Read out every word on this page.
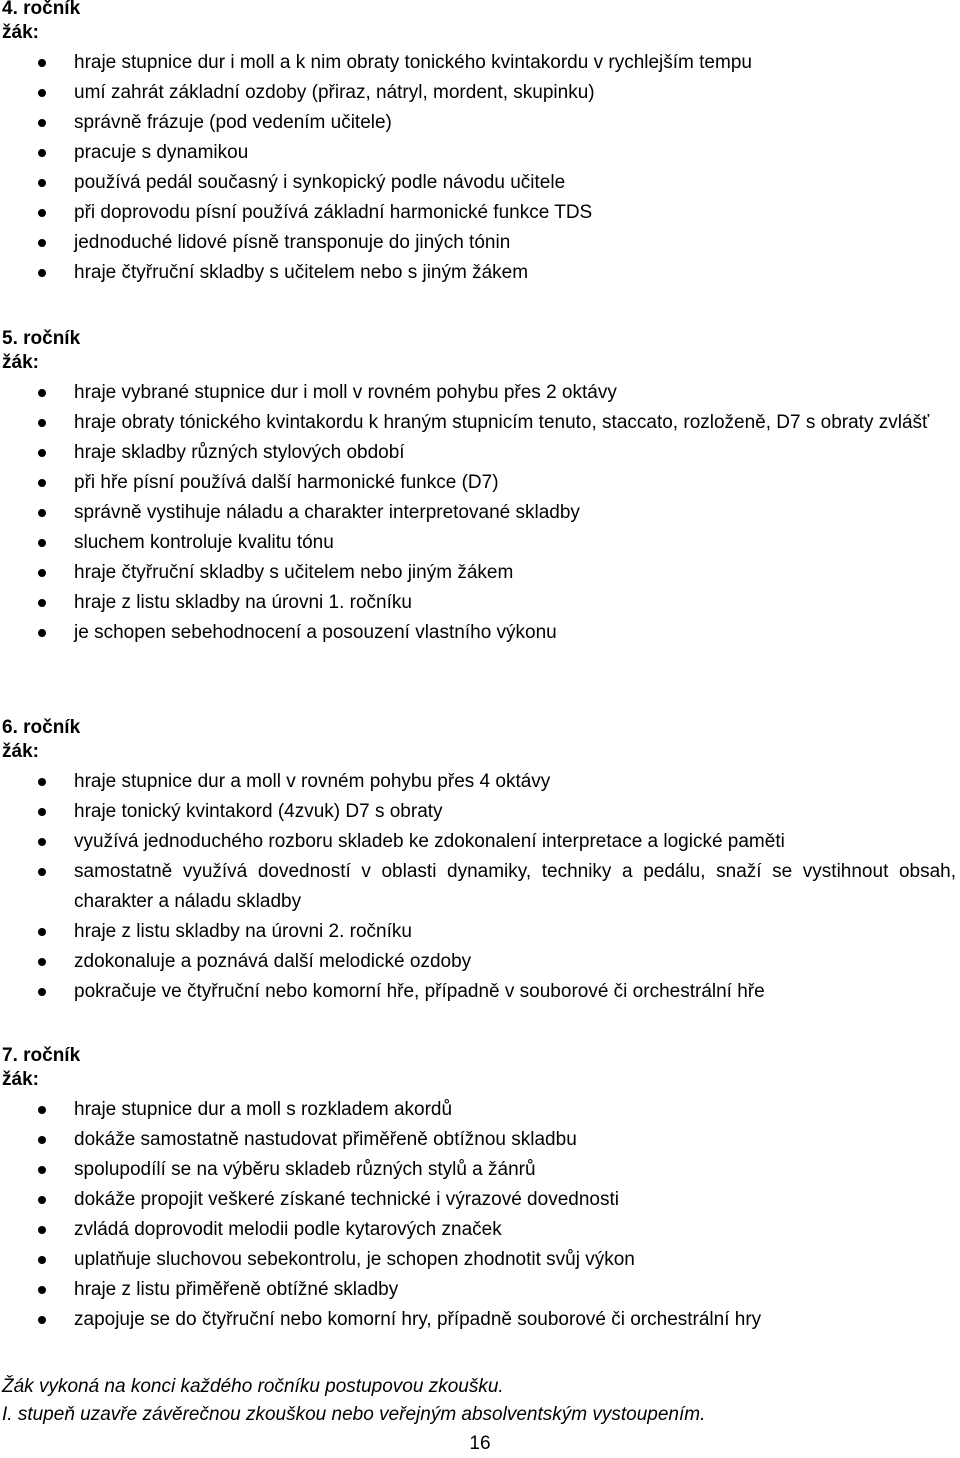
4. ročník
žák:
hraje stupnice dur i moll a k nim obraty tonického kvintakordu v rychlejším tempu
umí zahrát základní ozdoby (přiraz, nátryl, mordent, skupinku)
správně frázuje (pod vedením učitele)
pracuje s dynamikou
používá pedál současný i synkopický podle návodu učitele
při doprovodu písní používá základní harmonické funkce TDS
jednoduché lidové písně transponuje do jiných tónin
hraje čtyřruční skladby s učitelem nebo s jiným žákem
5. ročník
žák:
hraje vybrané stupnice dur i moll v rovném pohybu přes 2 oktávy
hraje obraty tónického kvintakordu k hraným stupnicím tenuto, staccato, rozloženě, D7 s obraty zvlášť
hraje skladby různých stylových období
při hře písní používá další harmonické funkce (D7)
správně vystihuje náladu a charakter interpretované skladby
sluchem kontroluje kvalitu tónu
hraje čtyřruční skladby s učitelem nebo jiným žákem
hraje z listu skladby na úrovni 1. ročníku
je schopen sebehodnocení a posouzení vlastního výkonu
6. ročník
žák:
hraje stupnice dur a moll v rovném pohybu přes 4 oktávy
hraje tonický kvintakord (4zvuk) D7 s obraty
využívá jednoduchého rozboru skladeb ke zdokonalení interpretace a logické paměti
samostatně využívá dovedností v oblasti dynamiky, techniky a pedálu, snaží se vystihnout obsah, charakter a náladu skladby
hraje z listu skladby na úrovni 2. ročníku
zdokonaluje a poznává další melodické ozdoby
pokračuje ve čtyřruční nebo komorní hře, případně v souborové či orchestrální hře
7. ročník
žák:
hraje stupnice dur a moll s rozkladem akordů
dokáže samostatně nastudovat přiměřeně obtížnou skladbu
spolupodílí se na výběru skladeb různých stylů a žánrů
dokáže propojit veškeré získané technické i výrazové dovednosti
zvládá doprovodit melodii podle kytarových značek
uplatňuje sluchovou sebekontrolu, je schopen zhodnotit svůj výkon
hraje z listu přiměřeně obtížné skladby
zapojuje se do čtyřruční nebo komorní hry, případně souborové či orchestrální hry
Žák vykoná na konci každého ročníku postupovou zkoušku.
I. stupeň uzavře závěrečnou zkouškou nebo veřejným absolventským vystoupením.
16
